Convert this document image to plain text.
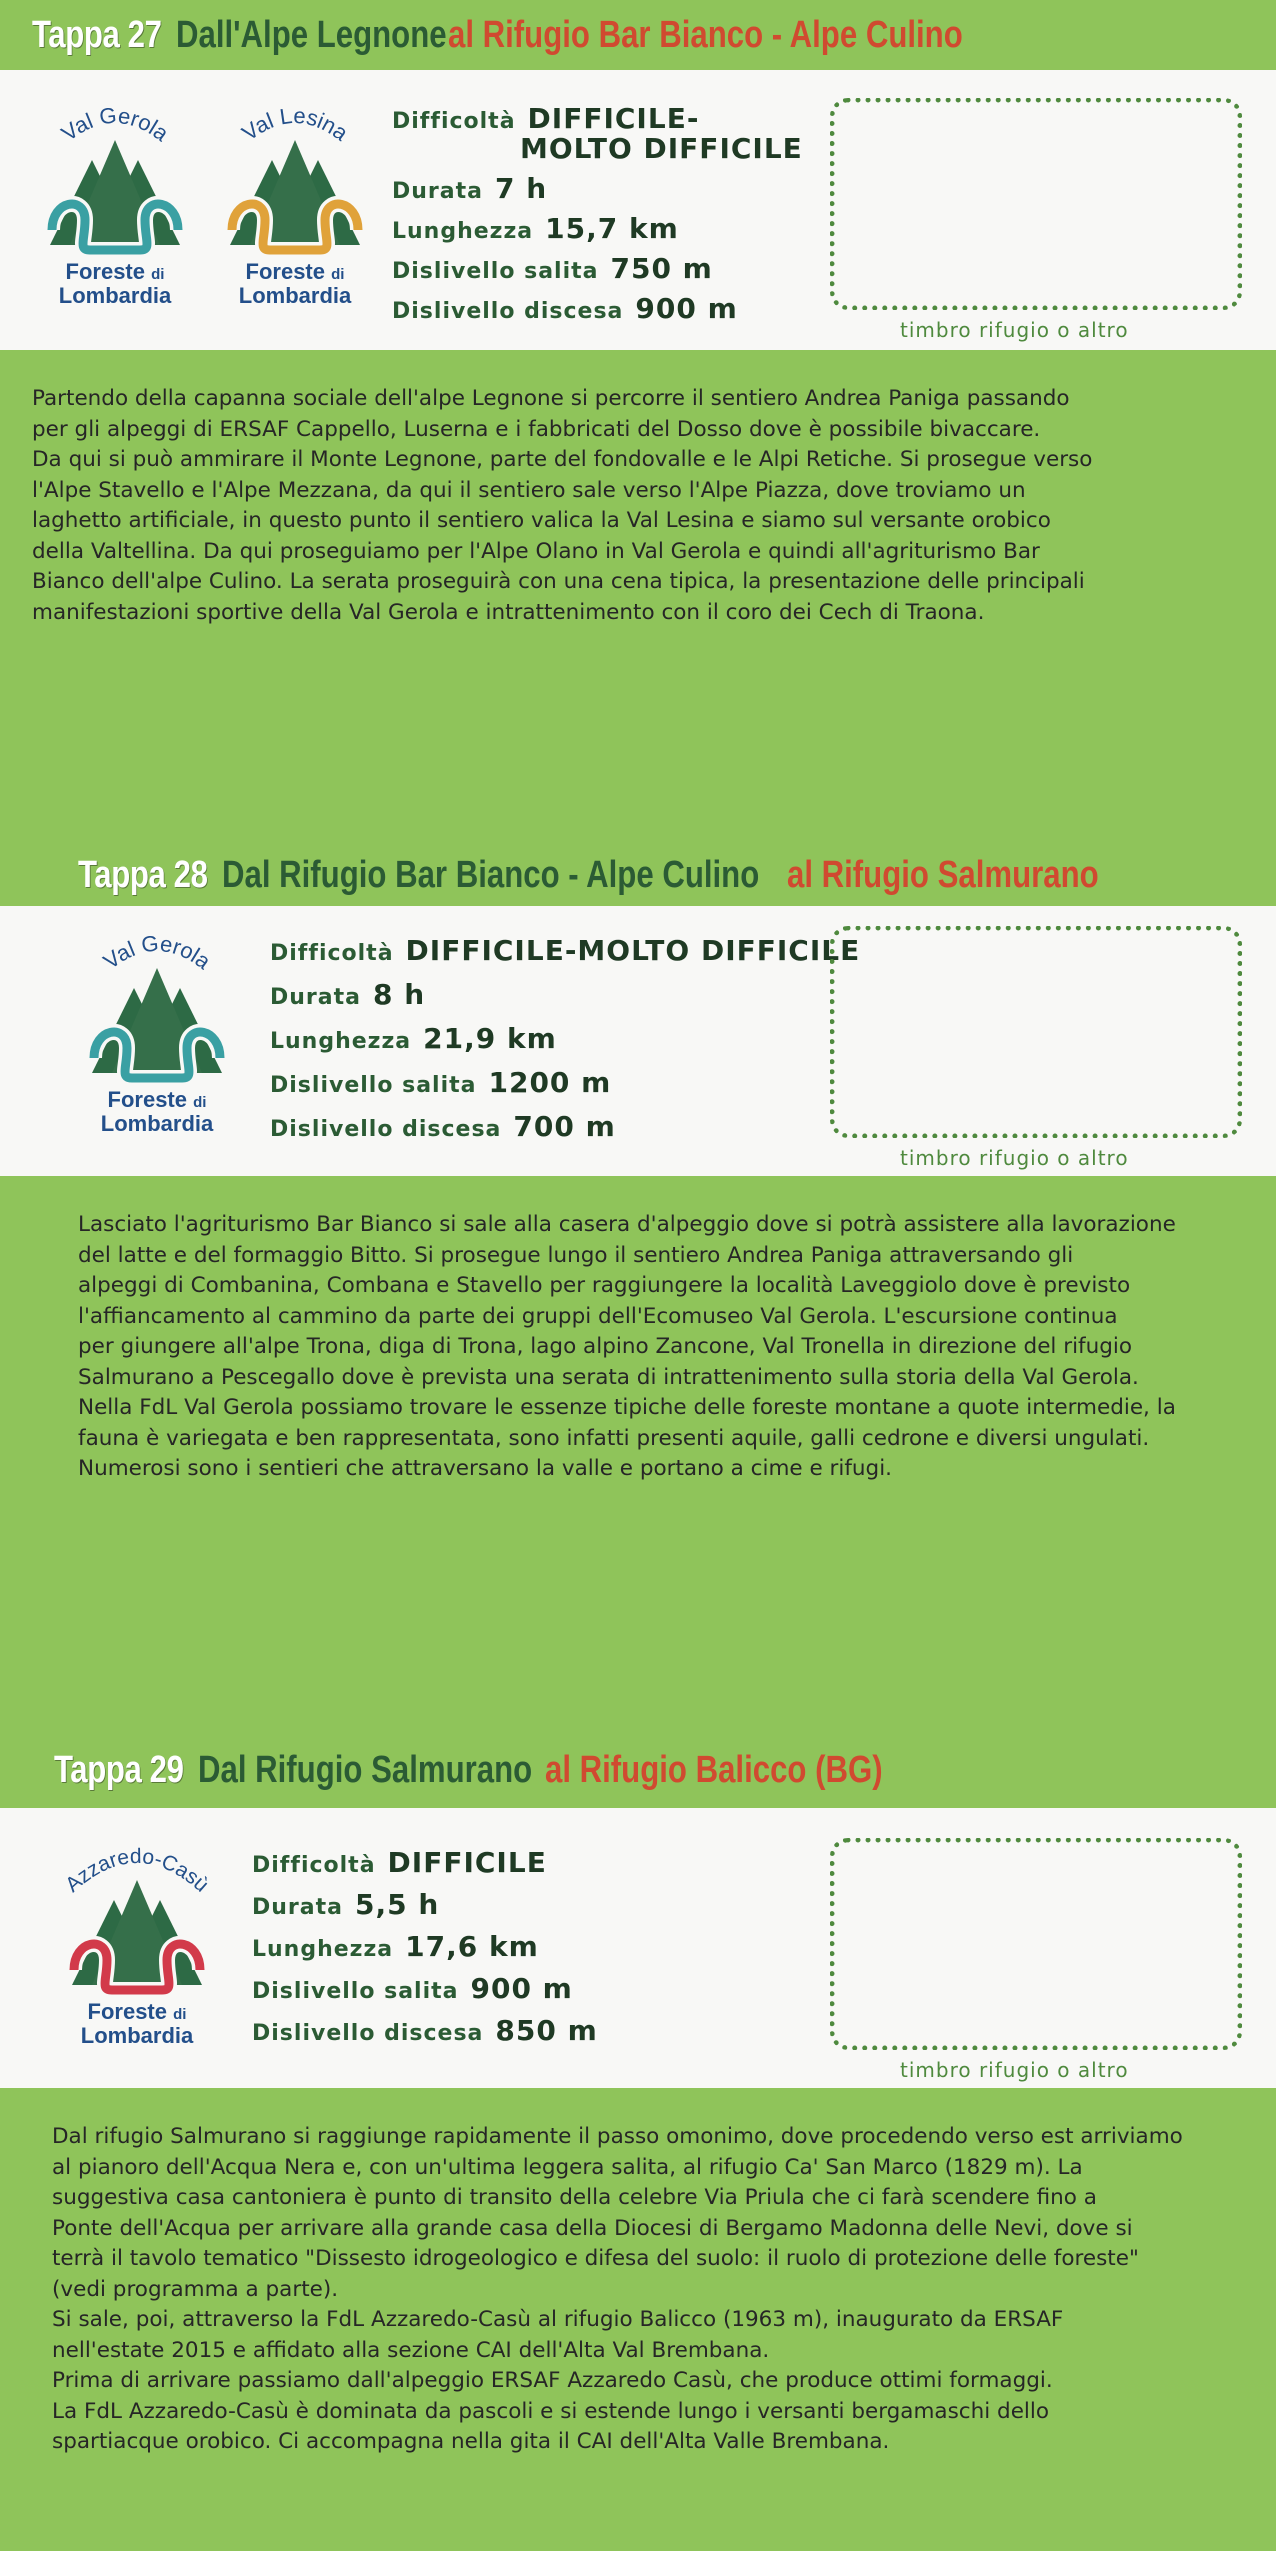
Tappa 27 Dall'Alpe Legnone al Rifugio Bar Bianco - Alpe Culino
Val Gerola
Foreste di
Lombardia
Val Lesina
Foreste di
Lombardia
Difficoltà DIFFICILE-
MOLTO DIFFICILE
Durata 7 h
Lunghezza 15,7 km
Dislivello salita 750 m
Dislivello discesa 900 m
timbro rifugio o altro

Partendo della capanna sociale dell'alpe Legnone si percorre il sentiero Andrea Paniga passando

per gli alpeggi di ERSAF Cappello, Luserna e i fabbricati del Dosso dove è possibile bivaccare.

Da qui si può ammirare il Monte Legnone, parte del fondovalle e le Alpi Retiche. Si prosegue verso

l'Alpe Stavello e l'Alpe Mezzana, da qui il sentiero sale verso l'Alpe Piazza, dove troviamo un

laghetto artificiale, in questo punto il sentiero valica la Val Lesina e siamo sul versante orobico

della Valtellina. Da qui proseguiamo per l'Alpe Olano in Val Gerola e quindi all'agriturismo Bar

Bianco dell'alpe Culino. La serata proseguirà con una cena tipica, la presentazione delle principali

manifestazioni sportive della Val Gerola e intrattenimento con il coro dei Cech di Traona.

Tappa 28 Dal Rifugio Bar Bianco - Alpe Culino al Rifugio Salmurano
Val Gerola
Foreste di
Lombardia
Difficoltà DIFFICILE-MOLTO DIFFICILE
Durata 8 h
Lunghezza 21,9 km
Dislivello salita 1200 m
Dislivello discesa 700 m
timbro rifugio o altro

Lasciato l'agriturismo Bar Bianco si sale alla casera d'alpeggio dove si potrà assistere alla lavorazione

del latte e del formaggio Bitto. Si prosegue lungo il sentiero Andrea Paniga attraversando gli

alpeggi di Combanina, Combana e Stavello per raggiungere la località Laveggiolo dove è previsto

l'affiancamento al cammino da parte dei gruppi dell'Ecomuseo Val Gerola. L'escursione continua

per giungere all'alpe Trona, diga di Trona, lago alpino Zancone, Val Tronella in direzione del rifugio

Salmurano a Pescegallo dove è prevista una serata di intrattenimento sulla storia della Val Gerola.

Nella FdL Val Gerola possiamo trovare le essenze tipiche delle foreste montane a quote intermedie, la

fauna è variegata e ben rappresentata, sono infatti presenti aquile, galli cedrone e diversi ungulati.

Numerosi sono i sentieri che attraversano la valle e portano a cime e rifugi.

Tappa 29 Dal Rifugio Salmurano al Rifugio Balicco (BG)
Azzaredo-Casù
Foreste di
Lombardia
Difficoltà DIFFICILE
Durata 5,5 h
Lunghezza 17,6 km
Dislivello salita 900 m
Dislivello discesa 850 m
timbro rifugio o altro

Dal rifugio Salmurano si raggiunge rapidamente il passo omonimo, dove procedendo verso est arriviamo

al pianoro dell'Acqua Nera e, con un'ultima leggera salita, al rifugio Ca' San Marco (1829 m). La

suggestiva casa cantoniera è punto di transito della celebre Via Priula che ci farà scendere fino a

Ponte dell'Acqua per arrivare alla grande casa della Diocesi di Bergamo Madonna delle Nevi, dove si

terrà il tavolo tematico "Dissesto idrogeologico e difesa del suolo: il ruolo di protezione delle foreste"

(vedi programma a parte).

Si sale, poi, attraverso la FdL Azzaredo-Casù al rifugio Balicco (1963 m), inaugurato da ERSAF

nell'estate 2015 e affidato alla sezione CAI dell'Alta Val Brembana.

Prima di arrivare passiamo dall'alpeggio ERSAF Azzaredo Casù, che produce ottimi formaggi.

La FdL Azzaredo-Casù è dominata da pascoli e si estende lungo i versanti bergamaschi dello

spartiacque orobico. Ci accompagna nella gita il CAI dell'Alta Valle Brembana.
